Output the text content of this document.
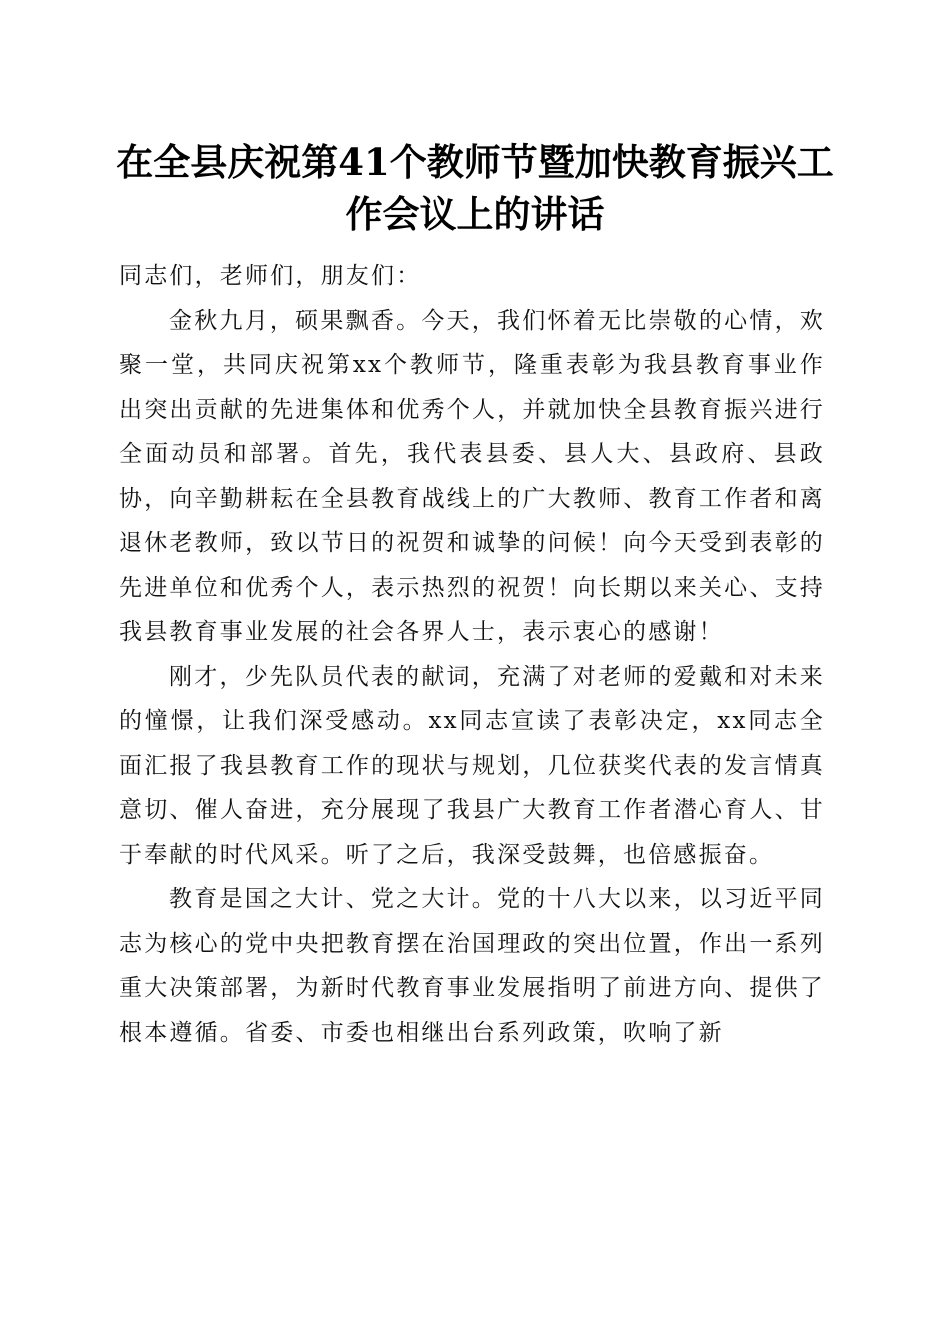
在全县庆祝第41个教师节暨加快教育振兴工作会议上的讲话

同志们，老师们，朋友们：

金秋九月，硕果飘香。今天，我们怀着无比崇敬的心情，欢聚一堂，共同庆祝第xx个教师节，隆重表彰为我县教育事业作出突出贡献的先进集体和优秀个人，并就加快全县教育振兴进行全面动员和部署。首先，我代表县委、县人大、县政府、县政协，向辛勤耕耘在全县教育战线上的广大教师、教育工作者和离退休老教师，致以节日的祝贺和诚挚的问候！向今天受到表彰的先进单位和优秀个人，表示热烈的祝贺！向长期以来关心、支持我县教育事业发展的社会各界人士，表示衷心的感谢！

刚才，少先队员代表的献词，充满了对老师的爱戴和对未来的憧憬，让我们深受感动。xx同志宣读了表彰决定，xx同志全面汇报了我县教育工作的现状与规划，几位获奖代表的发言情真意切、催人奋进，充分展现了我县广大教育工作者潜心育人、甘于奉献的时代风采。听了之后，我深受鼓舞，也倍感振奋。

教育是国之大计、党之大计。党的十八大以来，以习近平同志为核心的党中央把教育摆在治国理政的突出位置，作出一系列重大决策部署，为新时代教育事业发展指明了前进方向、提供了根本遵循。省委、市委也相继出台系列政策，吹响了新
